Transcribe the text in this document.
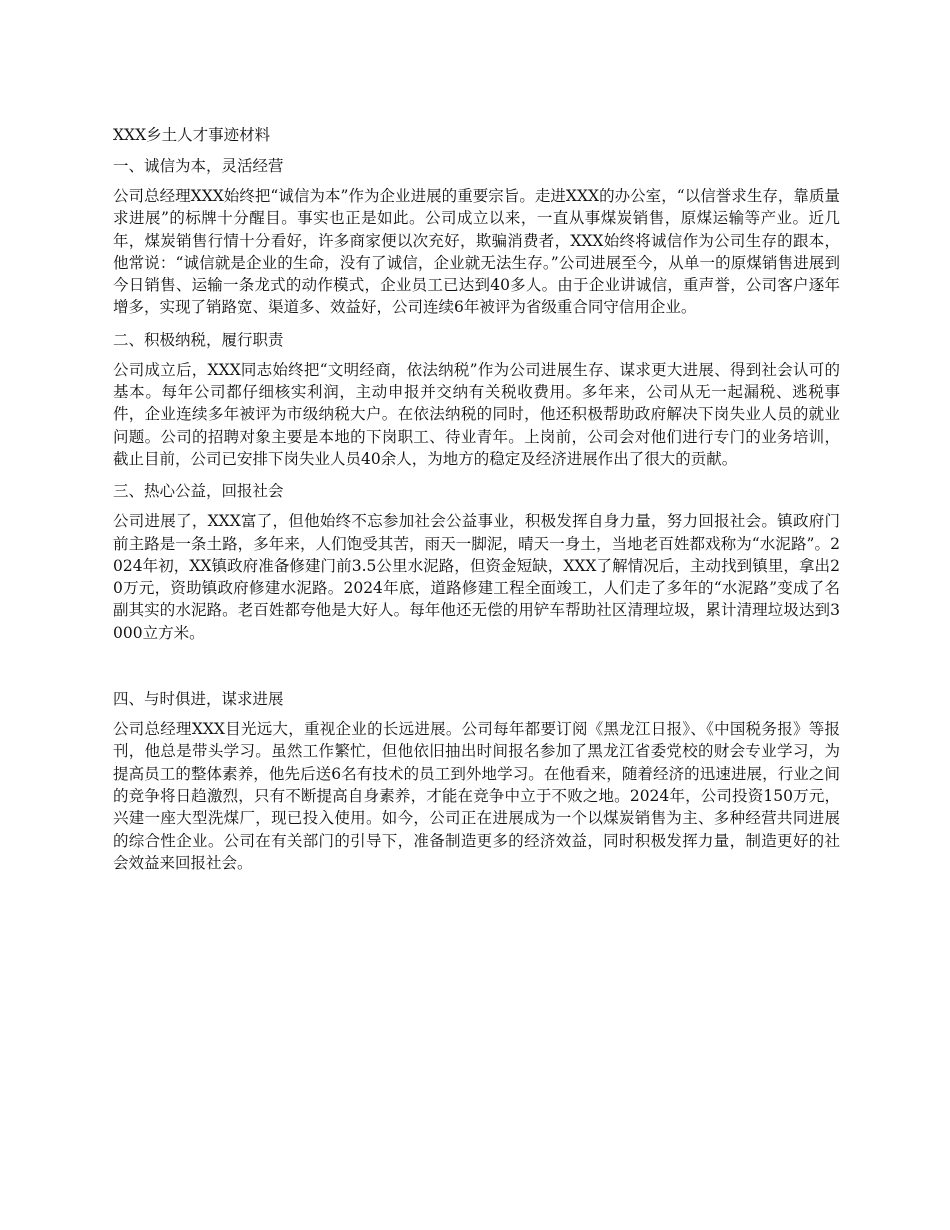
XXX乡土人才事迹材料
一、诚信为本，灵活经营
公司总经理XXX始终把“诚信为本”作为企业进展的重要宗旨。走进XXX的办公室，“以信誉求生存，靠质量求进展”的标牌十分醒目。事实也正是如此。公司成立以来，一直从事煤炭销售，原煤运输等产业。近几年，煤炭销售行情十分看好，许多商家便以次充好，欺骗消费者，XXX始终将诚信作为公司生存的跟本，他常说：“诚信就是企业的生命，没有了诚信，企业就无法生存。”公司进展至今，从单一的原煤销售进展到今日销售、运输一条龙式的动作模式，企业员工已达到40多人。由于企业讲诚信，重声誉，公司客户逐年增多，实现了销路宽、渠道多、效益好，公司连续6年被评为省级重合同守信用企业。
二、积极纳税，履行职责
公司成立后，XXX同志始终把“文明经商，依法纳税”作为公司进展生存、谋求更大进展、得到社会认可的基本。每年公司都仔细核实利润，主动申报并交纳有关税收费用。多年来，公司从无一起漏税、逃税事件，企业连续多年被评为市级纳税大户。在依法纳税的同时，他还积极帮助政府解决下岗失业人员的就业问题。公司的招聘对象主要是本地的下岗职工、待业青年。上岗前，公司会对他们进行专门的业务培训，截止目前，公司已安排下岗失业人员40余人，为地方的稳定及经济进展作出了很大的贡献。
三、热心公益，回报社会
公司进展了，XXX富了，但他始终不忘参加社会公益事业，积极发挥自身力量，努力回报社会。镇政府门前主路是一条土路，多年来，人们饱受其苦，雨天一脚泥，晴天一身土，当地老百姓都戏称为“水泥路”。2024年初，XX镇政府准备修建门前3.5公里水泥路，但资金短缺，XXX了解情况后，主动找到镇里，拿出20万元，资助镇政府修建水泥路。2024年底，道路修建工程全面竣工，人们走了多年的“水泥路”变成了名副其实的水泥路。老百姓都夸他是大好人。每年他还无偿的用铲车帮助社区清理垃圾，累计清理垃圾达到3000立方米。
四、与时俱进，谋求进展
公司总经理XXX目光远大，重视企业的长远进展。公司每年都要订阅《黑龙江日报》、《中国税务报》等报刊，他总是带头学习。虽然工作繁忙，但他依旧抽出时间报名参加了黑龙江省委党校的财会专业学习，为提高员工的整体素养，他先后送6名有技术的员工到外地学习。在他看来，随着经济的迅速进展，行业之间的竞争将日趋激烈，只有不断提高自身素养，才能在竞争中立于不败之地。2024年，公司投资150万元，兴建一座大型洗煤厂，现已投入使用。如今，公司正在进展成为一个以煤炭销售为主、多种经营共同进展的综合性企业。公司在有关部门的引导下，准备制造更多的经济效益，同时积极发挥力量，制造更好的社会效益来回报社会。
